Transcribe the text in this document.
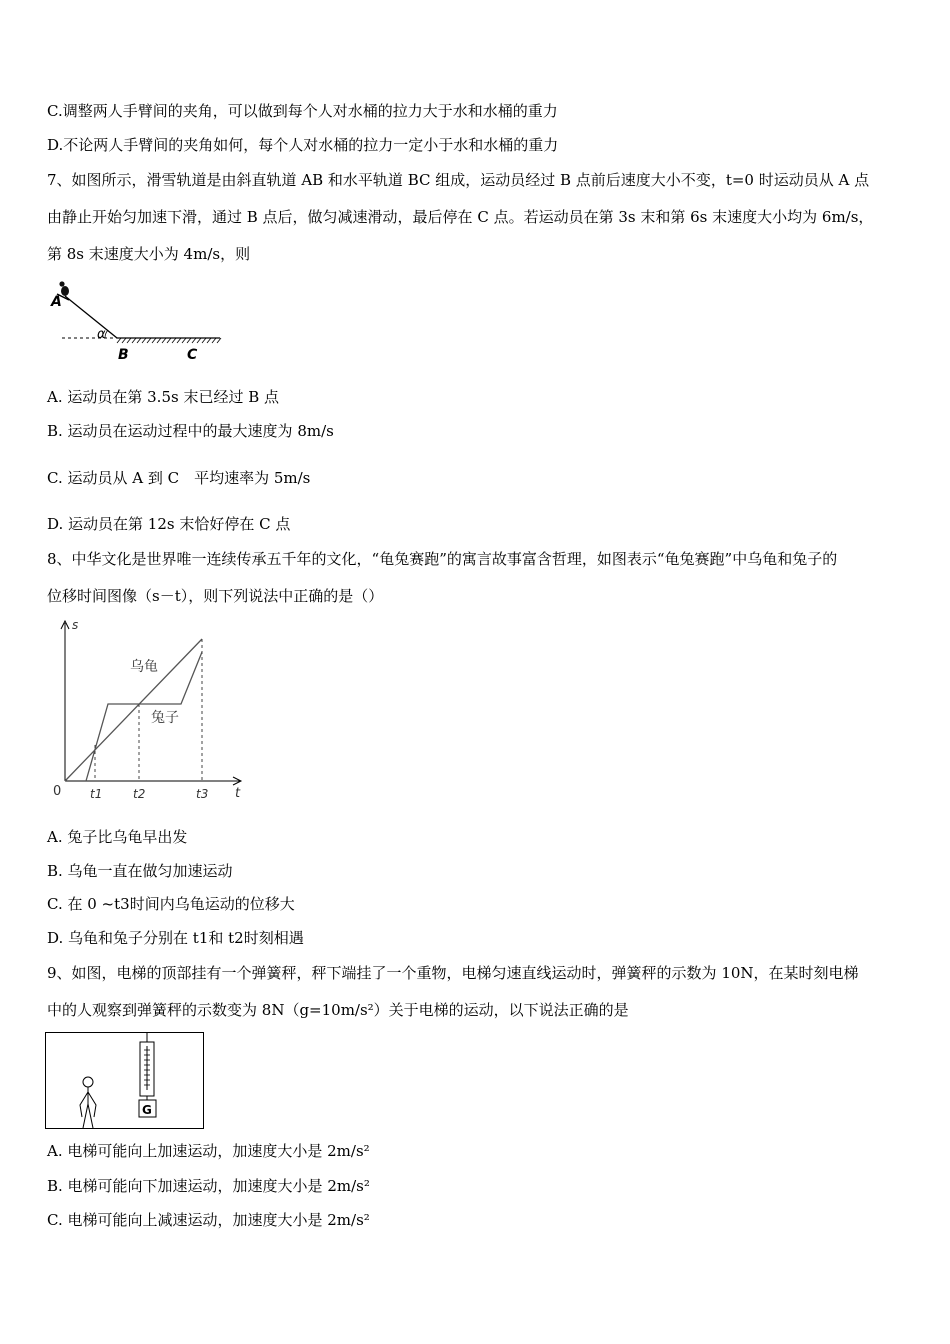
C.调整两人手臂间的夹角，可以做到每个人对水桶的拉力大于水和水桶的重力
D.不论两人手臂间的夹角如何，每个人对水桶的拉力一定小于水和水桶的重力
7、如图所示，滑雪轨道是由斜直轨道 AB 和水平轨道 BC 组成，运动员经过 B 点前后速度大小不变，t=0 时运动员从 A 点
由静止开始匀加速下滑，通过 B 点后，做匀减速滑动，最后停在 C 点。若运动员在第 3s 末和第 6s 末速度大小均为 6m/s，
第 8s 末速度大小为 4m/s，则
A
α
B	C
A. 运动员在第 3.5s 末已经过 B 点
B. 运动员在运动过程中的最大速度为 8m/s
C. 运动员从 A 到 C　平均速率为 5m/s
D. 运动员在第 12s 末恰好停在 C 点
8、中华文化是世界唯一连续传承五千年的文化，“龟兔赛跑”的寓言故事富含哲理，如图表示“龟兔赛跑”中乌龟和兔子的
位移时间图像（s－t），则下列说法中正确的是（）
s
t
0 t1	t2	t3
乌龟
兔子
A. 兔子比乌龟早出发
B. 乌龟一直在做匀加速运动
C. 在 0 ~t3时间内乌龟运动的位移大
D. 乌龟和兔子分别在 t1和 t2时刻相遇
9、如图，电梯的顶部挂有一个弹簧秤，秤下端挂了一个重物，电梯匀速直线运动时，弹簧秤的示数为 10N，在某时刻电梯
中的人观察到弹簧秤的示数变为 8N（g=10m/s²）关于电梯的运动，以下说法正确的是
G
A. 电梯可能向上加速运动，加速度大小是 2m/s²
B. 电梯可能向下加速运动，加速度大小是 2m/s²
C. 电梯可能向上减速运动，加速度大小是 2m/s²
